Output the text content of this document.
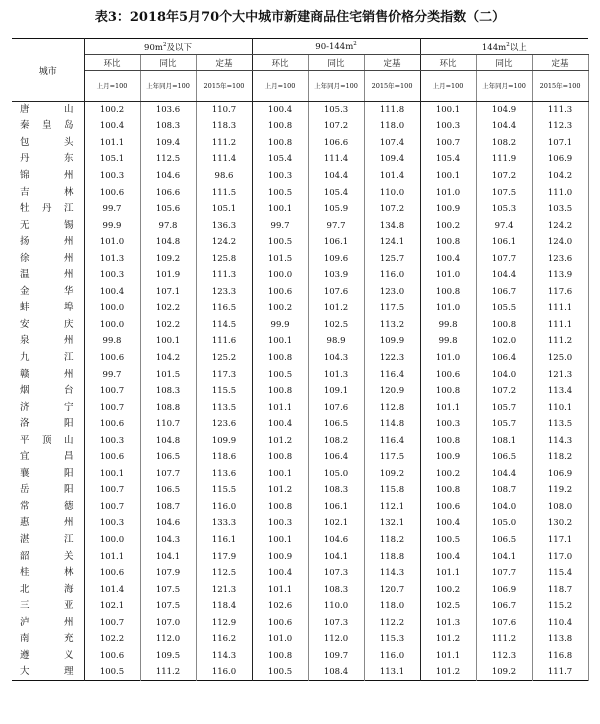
表3：2018年5月70个大中城市新建商品住宅销售价格分类指数（二）
城市	$90m^2$及以下			$90-144m^2$			$144m^2$以上		
	环比	同比	定基	环比	同比	定基	环比	同比	定基
	上月=100	上年同月=100	2015年=100	上月=100	上年同月=100	2015年=100	上月=100	上年同月=100	2015年=100
唐山	100.2	103.6	110.7	100.4	105.3	111.8	100.1	104.9	111.3
秦皇岛	100.4	108.3	118.3	100.8	107.2	118.0	100.3	104.4	112.3
包头	101.1	109.4	111.2	100.8	106.6	107.4	100.7	108.2	107.1
丹东	105.1	112.5	111.4	105.4	111.4	109.4	105.4	111.9	106.9
锦州	100.3	104.6	98.6	100.3	104.4	101.4	100.1	107.2	104.2
吉林	100.6	106.6	111.5	100.5	105.4	110.0	101.0	107.5	111.0
牡丹江	99.7	105.6	105.1	100.1	105.9	107.2	100.9	105.3	103.5
无锡	99.9	97.8	136.3	99.7	97.7	134.8	100.2	97.4	124.2
扬州	101.0	104.8	124.2	100.5	106.1	124.1	100.8	106.1	124.0
徐州	101.3	109.2	125.8	101.5	109.6	125.7	100.4	107.7	123.6
温州	100.3	101.9	111.3	100.0	103.9	116.0	101.0	104.4	113.9
金华	100.4	107.1	123.3	100.6	107.6	123.0	100.8	106.7	117.6
蚌埠	100.0	102.2	116.5	100.2	101.2	117.5	101.0	105.5	111.1
安庆	100.0	102.2	114.5	99.9	102.5	113.2	99.8	100.8	111.1
泉州	99.8	100.1	111.6	100.1	98.9	109.9	99.8	102.0	111.2
九江	100.6	104.2	125.2	100.8	104.3	122.3	101.0	106.4	125.0
赣州	99.7	101.5	117.3	100.5	101.3	116.4	100.6	104.0	121.3
烟台	100.7	108.3	115.5	100.8	109.1	120.9	100.8	107.2	113.4
济宁	100.7	108.8	113.5	101.1	107.6	112.8	101.1	105.7	110.1
洛阳	100.6	110.7	123.6	100.4	106.5	114.8	100.3	105.7	113.5
平顶山	100.3	104.8	109.9	101.2	108.2	116.4	100.8	108.1	114.3
宜昌	100.6	106.5	118.6	100.8	106.4	117.5	100.9	106.5	118.2
襄阳	100.1	107.7	113.6	100.1	105.0	109.2	100.2	104.4	106.9
岳阳	100.7	106.5	115.5	101.2	108.3	115.8	100.8	108.7	119.2
常德	100.7	108.7	116.0	100.8	106.1	112.1	100.6	104.0	108.0
惠州	100.3	104.6	133.3	100.3	102.1	132.1	100.4	105.0	130.2
湛江	100.0	104.3	116.1	100.1	104.6	118.2	100.5	106.5	117.1
韶关	101.1	104.1	117.9	100.9	104.1	118.8	100.4	104.1	117.0
桂林	100.6	107.9	112.5	100.4	107.3	114.3	101.1	107.7	115.4
北海	101.4	107.5	121.3	101.1	108.3	120.7	100.2	106.9	118.7
三亚	102.1	107.5	118.4	102.6	110.0	118.0	102.5	106.7	115.2
泸州	100.7	107.0	112.9	100.6	107.3	112.2	101.3	107.6	110.4
南充	102.2	112.0	116.2	101.0	112.0	115.3	101.2	111.2	113.8
遵义	100.6	109.5	114.3	100.8	109.7	116.0	101.1	112.3	116.8
大理	100.5	111.2	116.0	100.5	108.4	113.1	101.2	109.2	111.7
